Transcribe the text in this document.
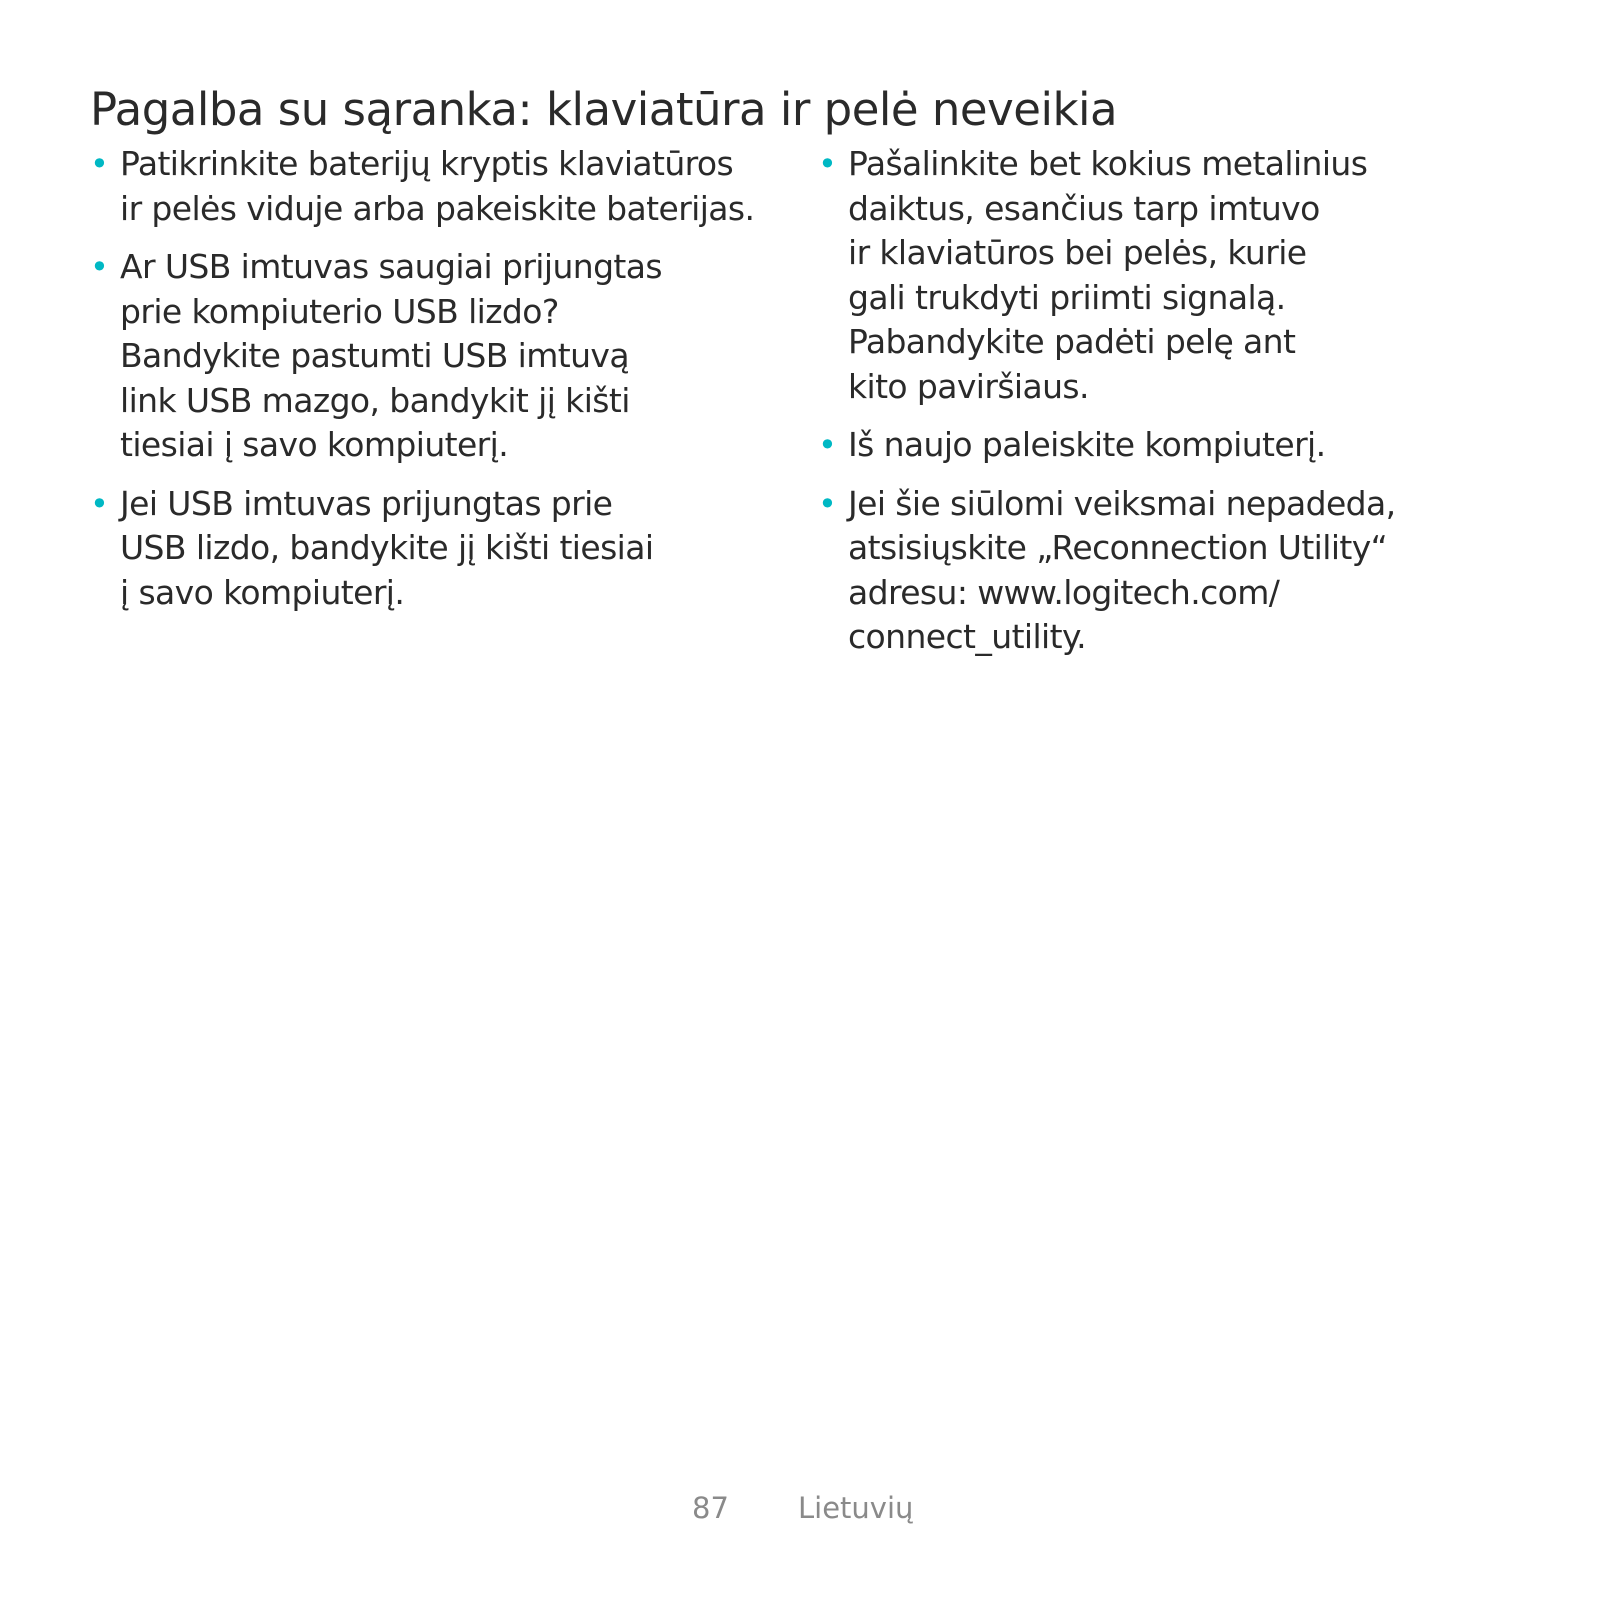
Pagalba su sąranka: klaviatūra ir pelė neveikia
• Patikrinkite baterijų kryptis klaviatūros
ir pelės viduje arba pakeiskite baterijas.
• Ar USB imtuvas saugiai prijungtas
prie kompiuterio USB lizdo?
Bandykite pastumti USB imtuvą
link USB mazgo, bandykit jį kišti
tiesiai į savo kompiuterį.
• Jei USB imtuvas prijungtas prie
USB lizdo, bandykite jį kišti tiesiai
į savo kompiuterį.
• Pašalinkite bet kokius metalinius
daiktus, esančius tarp imtuvo
ir klaviatūros bei pelės, kurie
gali trukdyti priimti signalą.
Pabandykite padėti pelę ant
kito paviršiaus.
• Iš naujo paleiskite kompiuterį.
• Jei šie siūlomi veiksmai nepadeda,
atsisiųskite „Reconnection Utility“
adresu: www.logitech.com/
connect_utility.
87 Lietuvių
